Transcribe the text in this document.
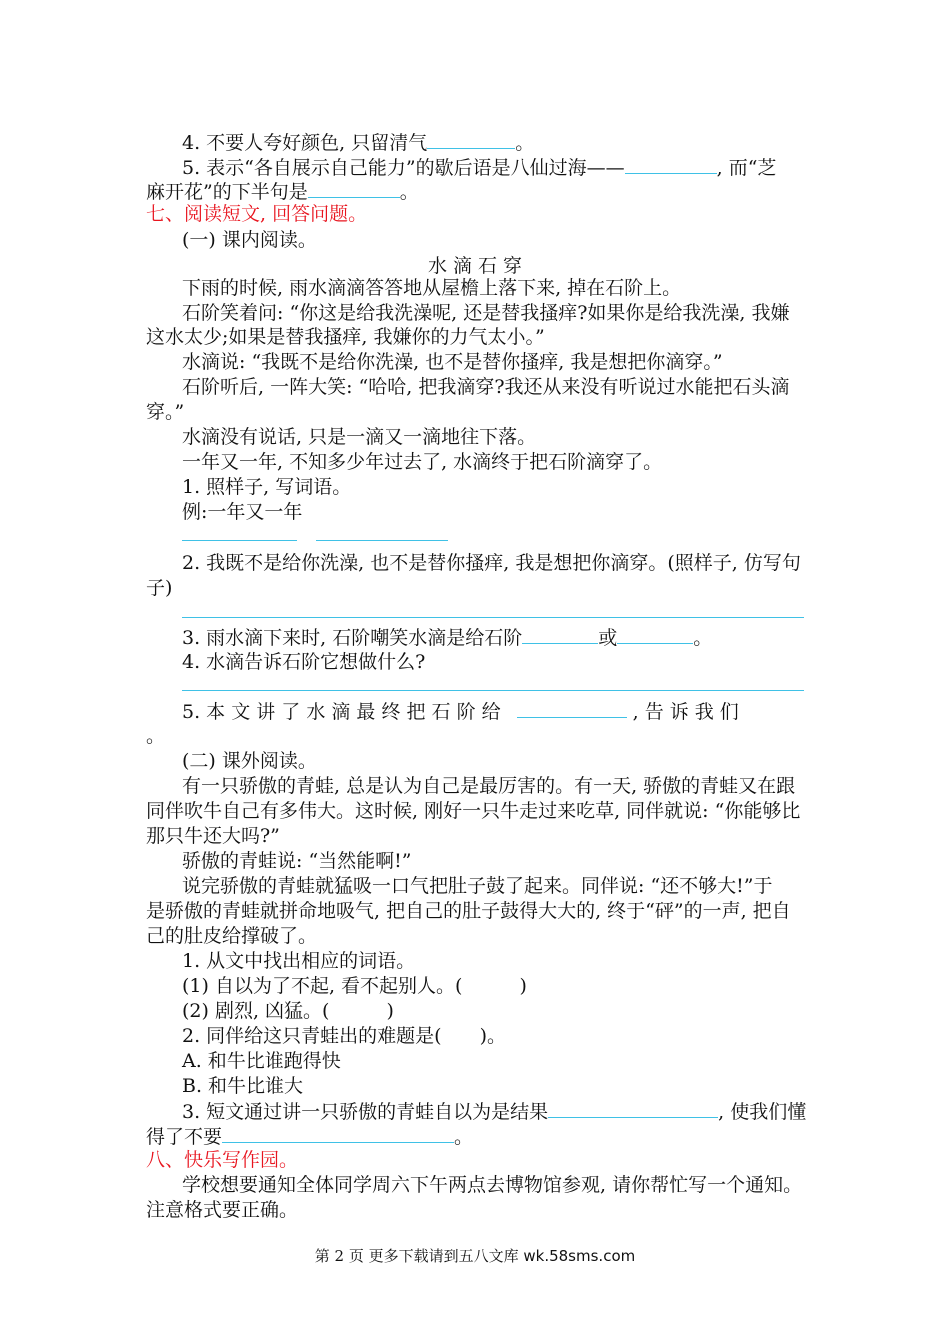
4. 不要人夸好颜色, 只留清气	。
5. 表示“各自展示自己能力”的歇后语是八仙过海——	, 而“芝
麻开花”的下半句是	。
七、阅读短文, 回答问题。
(一) 课内阅读。
水 滴 石 穿
下雨的时候, 雨水滴滴答答地从屋檐上落下来, 掉在石阶上。
石阶笑着问: “你这是给我洗澡呢, 还是替我搔痒?如果你是给我洗澡, 我嫌
这水太少;如果是替我搔痒, 我嫌你的力气太小。”
水滴说: “我既不是给你洗澡, 也不是替你搔痒, 我是想把你滴穿。”
石阶听后, 一阵大笑: “哈哈, 把我滴穿?我还从来没有听说过水能把石头滴
穿。”
水滴没有说话, 只是一滴又一滴地往下落。
一年又一年, 不知多少年过去了, 水滴终于把石阶滴穿了。
1. 照样子, 写词语。
例:一年又一年
2. 我既不是给你洗澡, 也不是替你搔痒, 我是想把你滴穿。(照样子, 仿写句
子)
3. 雨水滴下来时, 石阶嘲笑水滴是给石阶	或	。
4. 水滴告诉石阶它想做什么?
5. 本 文 讲 了 水 滴 最 终 把 石 阶 给	, 告 诉 我 们
。
(二) 课外阅读。
有一只骄傲的青蛙, 总是认为自己是最厉害的。有一天, 骄傲的青蛙又在跟
同伴吹牛自己有多伟大。这时候, 刚好一只牛走过来吃草, 同伴就说: “你能够比
那只牛还大吗?”
骄傲的青蛙说: “当然能啊!”
说完骄傲的青蛙就猛吸一口气把肚子鼓了起来。同伴说: “还不够大!”于
是骄傲的青蛙就拼命地吸气, 把自己的肚子鼓得大大的, 终于“砰”的一声, 把自
己的肚皮给撑破了。
1. 从文中找出相应的词语。
(1) 自以为了不起, 看不起别人。(　　　)
(2) 剧烈, 凶猛。(　　　)
2. 同伴给这只青蛙出的难题是(　　)。
A. 和牛比谁跑得快
B. 和牛比谁大
3. 短文通过讲一只骄傲的青蛙自以为是结果	, 使我们懂
得了不要	。
八、快乐写作园。
学校想要通知全体同学周六下午两点去博物馆参观, 请你帮忙写一个通知。
注意格式要正确。
第 2 页 更多下载请到五八文库 wk.58sms.com
